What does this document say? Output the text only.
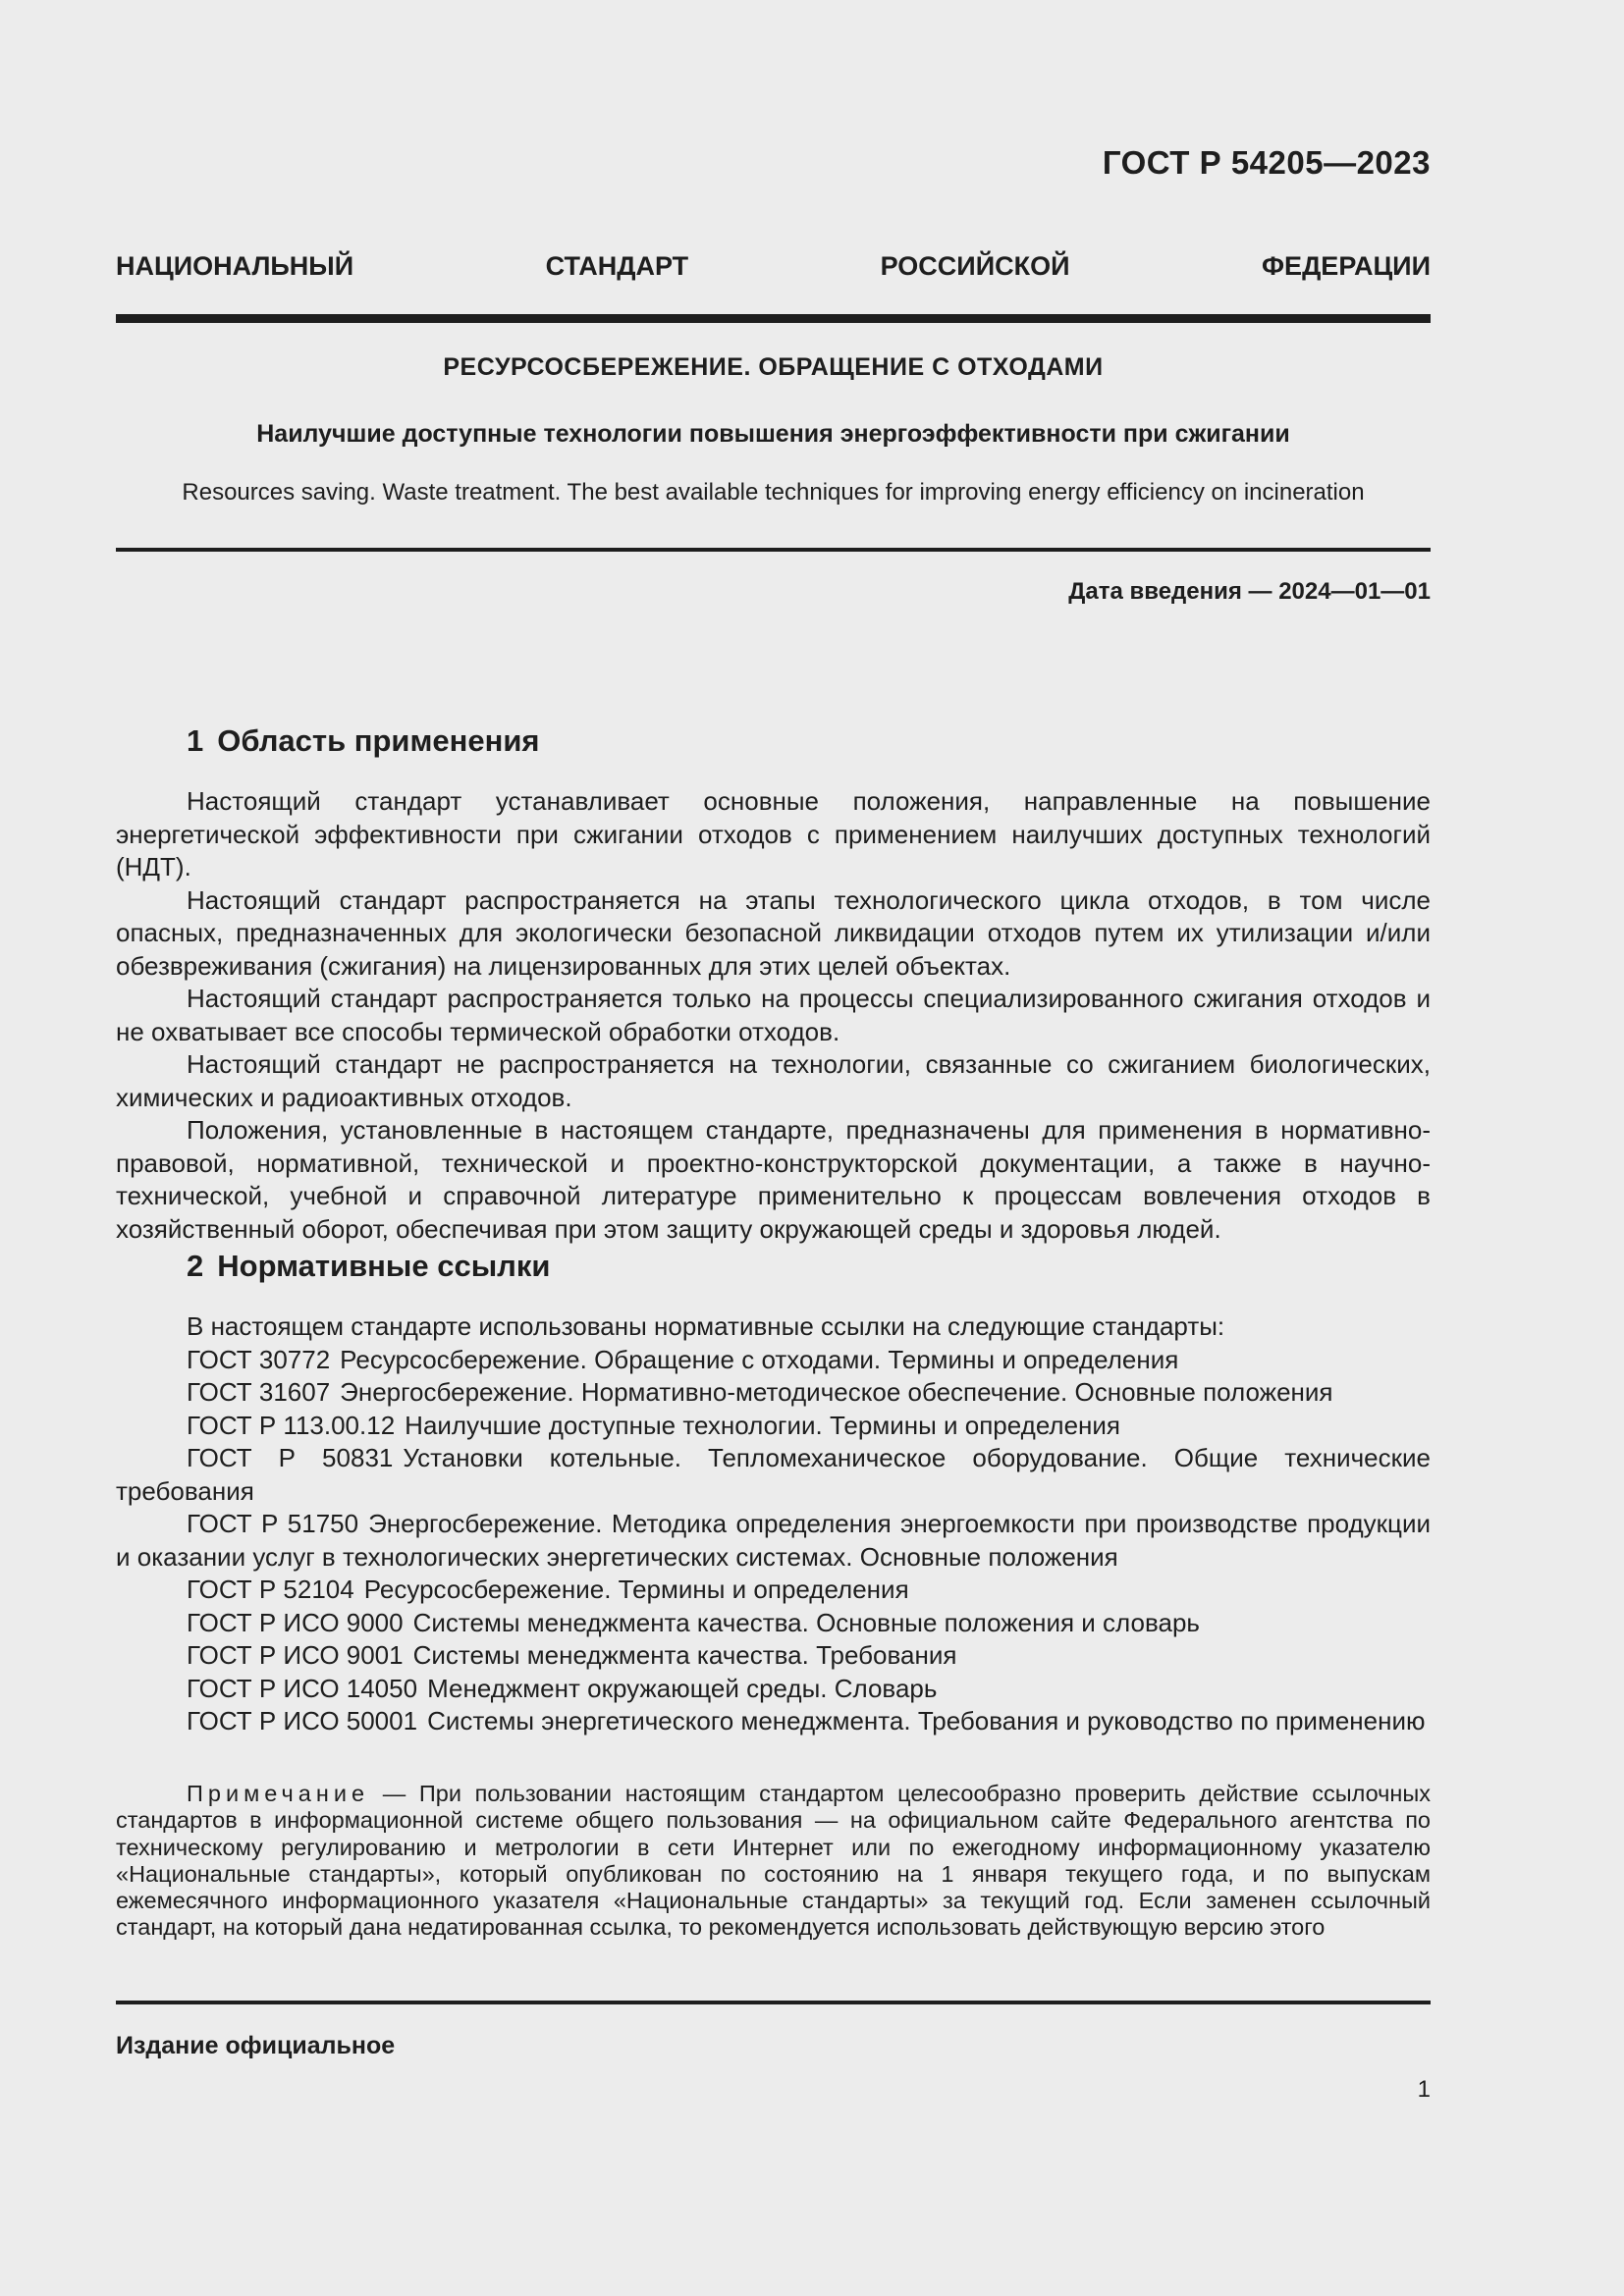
ГОСТ Р 54205—2023
НАЦИОНАЛЬНЫЙ	СТАНДАРТ	РОССИЙСКОЙ	ФЕДЕРАЦИИ
РЕСУРСОСБЕРЕЖЕНИЕ. ОБРАЩЕНИЕ С ОТХОДАМИ
Наилучшие доступные технологии повышения энергоэффективности при сжигании
Resources saving. Waste treatment. The best available techniques for improving energy efficiency on incineration
Дата введения — 2024—01—01
1 Область применения

Настоящий стандарт устанавливает основные положения, направленные на повышение энергетической эффективности при сжигании отходов с применением наилучших доступных технологий (НДТ).

Настоящий стандарт распространяется на этапы технологического цикла отходов, в том числе опасных, предназначенных для экологически безопасной ликвидации отходов путем их утилизации и/или обезвреживания (сжигания) на лицензированных для этих целей объектах.

Настоящий стандарт распространяется только на процессы специализированного сжигания отходов и не охватывает все способы термической обработки отходов.

Настоящий стандарт не распространяется на технологии, связанные со сжиганием биологических, химических и радиоактивных отходов.

Положения, установленные в настоящем стандарте, предназначены для применения в нормативно-правовой, нормативной, технической и проектно-конструкторской документации, а также в научно-технической, учебной и справочной литературе применительно к процессам вовлечения отходов в хозяйственный оборот, обеспечивая при этом защиту окружающей среды и здоровья людей.

2 Нормативные ссылки

В настоящем стандарте использованы нормативные ссылки на следующие стандарты:

ГОСТ 30772 Ресурсосбережение. Обращение с отходами. Термины и определения

ГОСТ 31607 Энергосбережение. Нормативно-методическое обеспечение. Основные положения

ГОСТ Р 113.00.12 Наилучшие доступные технологии. Термины и определения

ГОСТ Р 50831 Установки котельные. Тепломеханическое оборудование. Общие технические требования

ГОСТ Р 51750 Энергосбережение. Методика определения энергоемкости при производстве продукции и оказании услуг в технологических энергетических системах. Основные положения

ГОСТ Р 52104 Ресурсосбережение. Термины и определения

ГОСТ Р ИСО 9000 Системы менеджмента качества. Основные положения и словарь

ГОСТ Р ИСО 9001 Системы менеджмента качества. Требования

ГОСТ Р ИСО 14050 Менеджмент окружающей среды. Словарь

ГОСТ Р ИСО 50001 Системы энергетического менеджмента. Требования и руководство по применению

Примечание — При пользовании настоящим стандартом целесообразно проверить действие ссылочных стандартов в информационной системе общего пользования — на официальном сайте Федерального агентства по техническому регулированию и метрологии в сети Интернет или по ежегодному информационному указателю «Национальные стандарты», который опубликован по состоянию на 1 января текущего года, и по выпускам ежемесячного информационного указателя «Национальные стандарты» за текущий год. Если заменен ссылочный стандарт, на который дана недатированная ссылка, то рекомендуется использовать действующую версию этого
Издание официальное
1
